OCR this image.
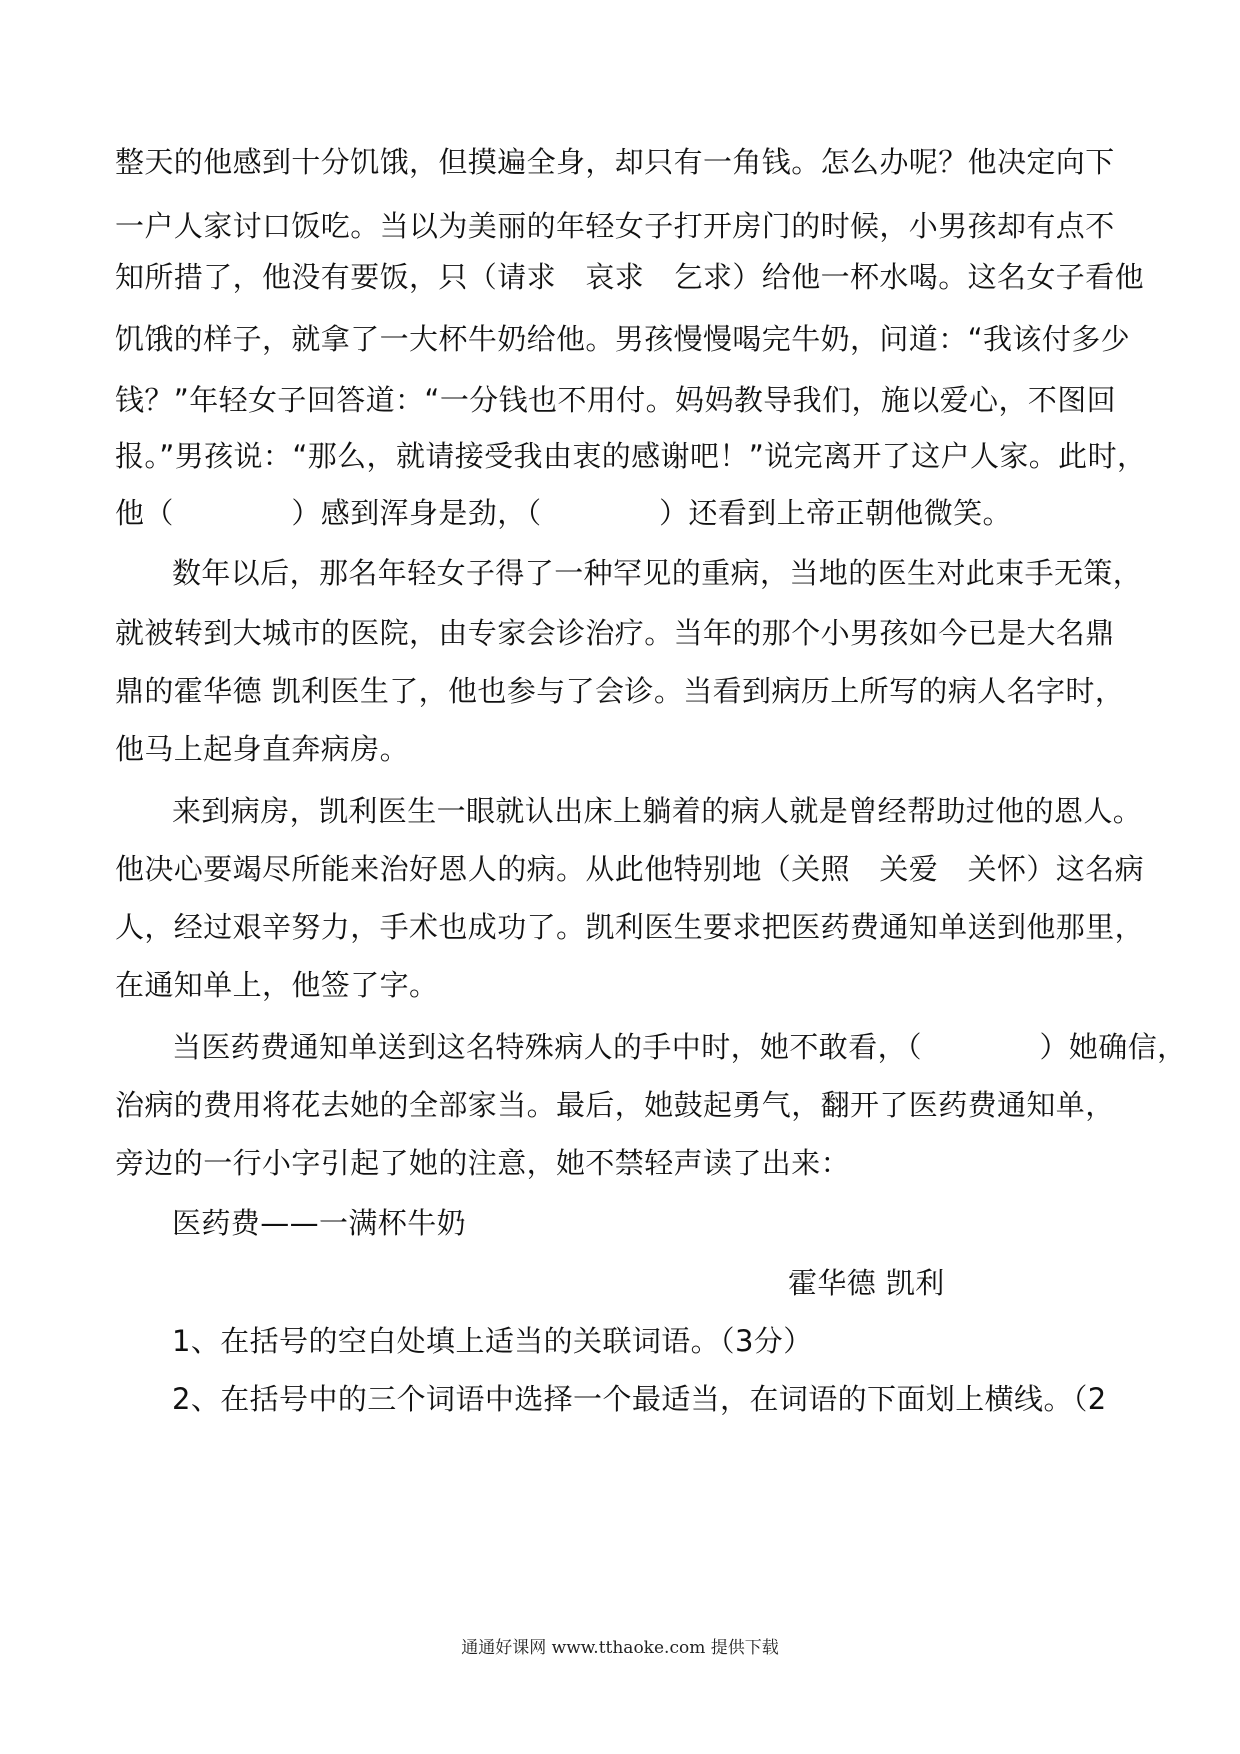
整天的他感到十分饥饿，但摸遍全身，却只有一角钱。怎么办呢？他决定向下
一户人家讨口饭吃。当以为美丽的年轻女子打开房门的时候，小男孩却有点不
知所措了，他没有要饭，只（请求　哀求　乞求）给他一杯水喝。这名女子看他
饥饿的样子，就拿了一大杯牛奶给他。男孩慢慢喝完牛奶，问道：“我该付多少
钱？”年轻女子回答道：“一分钱也不用付。妈妈教导我们，施以爱心，不图回
报。”男孩说：“那么，就请接受我由衷的感谢吧！”说完离开了这户人家。此时，
他（　　　　）感到浑身是劲，（　　　　）还看到上帝正朝他微笑。
数年以后，那名年轻女子得了一种罕见的重病，当地的医生对此束手无策，
就被转到大城市的医院，由专家会诊治疗。当年的那个小男孩如今已是大名鼎
鼎的霍华德 凯利医生了，他也参与了会诊。当看到病历上所写的病人名字时，
他马上起身直奔病房。
来到病房，凯利医生一眼就认出床上躺着的病人就是曾经帮助过他的恩人。
他决心要竭尽所能来治好恩人的病。从此他特别地（关照　关爱　关怀）这名病
人，经过艰辛努力，手术也成功了。凯利医生要求把医药费通知单送到他那里，
在通知单上，他签了字。
当医药费通知单送到这名特殊病人的手中时，她不敢看，（　　　　）她确信，
治病的费用将花去她的全部家当。最后，她鼓起勇气，翻开了医药费通知单，
旁边的一行小字引起了她的注意，她不禁轻声读了出来：
医药费——一满杯牛奶
霍华德 凯利
1、在括号的空白处填上适当的关联词语。（3分）
2、在括号中的三个词语中选择一个最适当，在词语的下面划上横线。（2
通通好课网 www.tthaoke.com 提供下载
